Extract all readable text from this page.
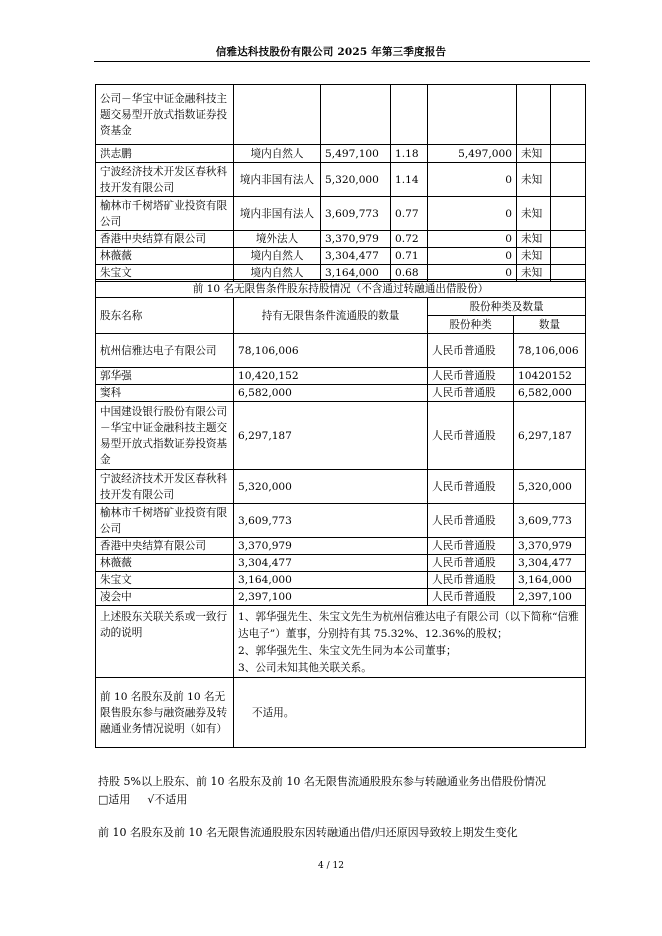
信雅达科技股份有限公司 2025 年第三季度报告
公司－华宝中证金融科技主题交易型开放式指数证券投资基金						
洪志鹏	境内自然人	5,497,100	1.18	5,497,000	未知	
宁波经济技术开发区春秋科技开发有限公司	境内非国有法人	5,320,000	1.14	0	未知	
榆林市千树塔矿业投资有限公司	境内非国有法人	3,609,773	0.77	0	未知	
香港中央结算有限公司	境外法人	3,370,979	0.72	0	未知	
林薇薇	境内自然人	3,304,477	0.71	0	未知	
朱宝文	境内自然人	3,164,000	0.68	0	未知	
前 10 名无限售条件股东持股情况（不含通过转融通出借股份）			
股东名称	持有无限售条件流通股的数量	股份种类及数量	
		股份种类	数量
杭州信雅达电子有限公司	78,106,006	人民币普通股	78,106,006
郭华强	10,420,152	人民币普通股	10420152
窦科	6,582,000	人民币普通股	6,582,000
中国建设银行股份有限公司－华宝中证金融科技主题交易型开放式指数证券投资基金	6,297,187	人民币普通股	6,297,187
宁波经济技术开发区春秋科技开发有限公司	5,320,000	人民币普通股	5,320,000
榆林市千树塔矿业投资有限公司	3,609,773	人民币普通股	3,609,773
香港中央结算有限公司	3,370,979	人民币普通股	3,370,979
林薇薇	3,304,477	人民币普通股	3,304,477
朱宝文	3,164,000	人民币普通股	3,164,000
凌会中	2,397,100	人民币普通股	2,397,100
上述股东关联关系或一致行动的说明	1、郭华强先生、朱宝文先生为杭州信雅达电子有限公司（以下简称“信雅达电子”）董事，分别持有其 75.32%、12.36%的股权；
2、郭华强先生、朱宝文先生同为本公司董事；
3、公司未知其他关联关系。		

前 10 名股东及前 10 名无限售股东参与融资融券及转融通业务情况说明（如有）	不适用。		
持股 5%以上股东、前 10 名股东及前 10 名无限售流通股股东参与转融通业务出借股份情况
□适用 √不适用
前 10 名股东及前 10 名无限售流通股股东因转融通出借/归还原因导致较上期发生变化
4 / 12
